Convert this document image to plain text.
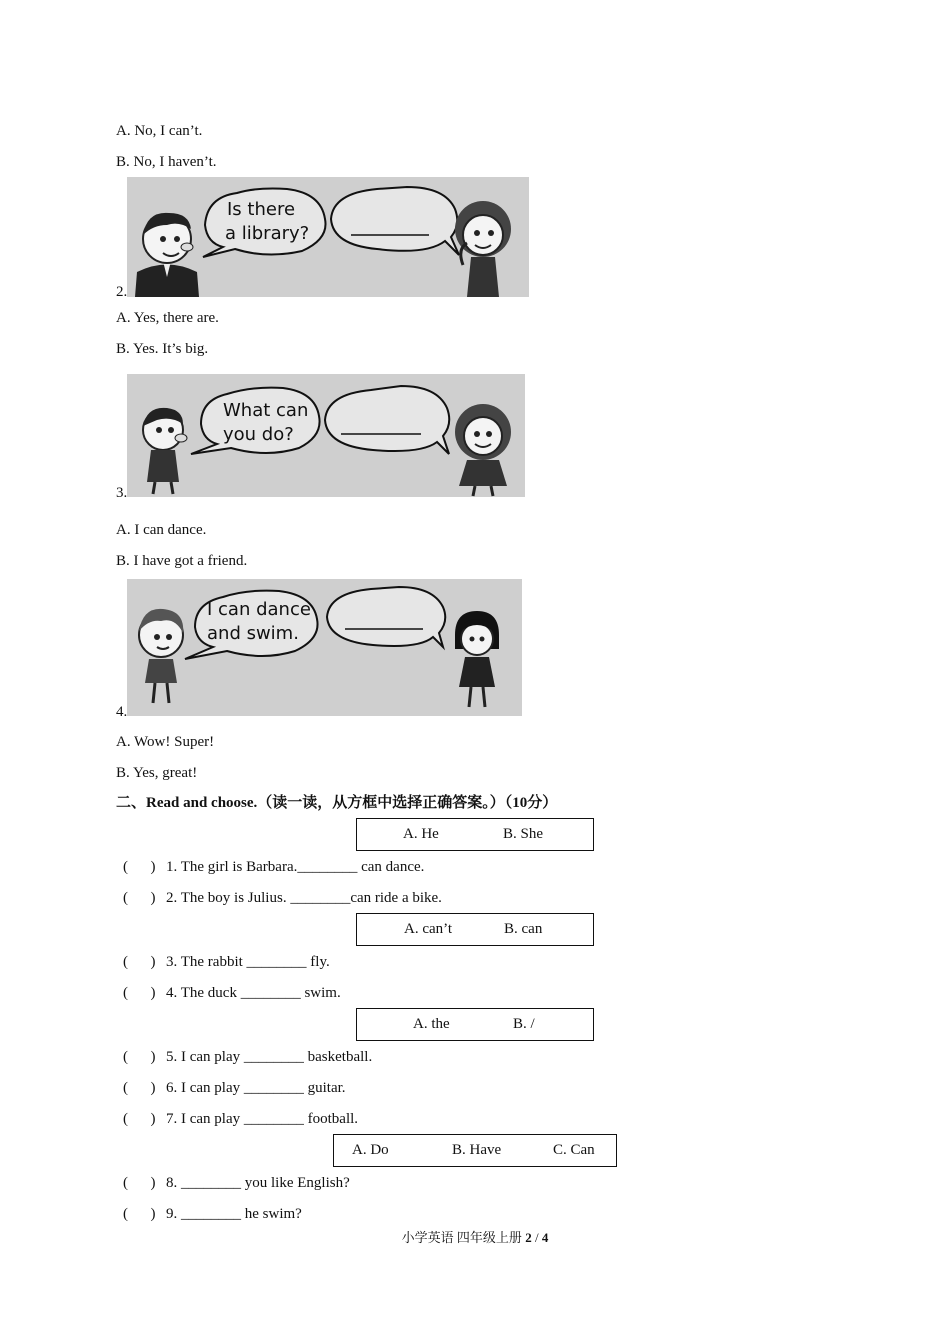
A. No, I can’t.
B. No, I haven’t.
Is there
a library?
2.
A. Yes, there are.
B. Yes. It’s big.
What can
you do?
3.
A. I can dance.
B. I have got a friend.
I can dance
and swim.
4.
A. Wow! Super!
B. Yes, great!
二、Read and choose.（读一读，从方框中选择正确答案。）（10分）
A. He	B. She
(      ) 1. The girl is Barbara.________ can dance.
(      ) 2. The boy is Julius. ________can ride a bike.
A. can’t	B. can
(      ) 3. The rabbit ________ fly.
(      ) 4. The duck ________ swim.
A. the	B. /
(      ) 5. I can play ________ basketball.
(      ) 6. I can play ________ guitar.
(      ) 7. I can play ________ football.
A. Do	B. Have	C. Can
(      ) 8. ________ you like English?
(      ) 9. ________ he swim?
小学英语 四年级上册 2 / 4
